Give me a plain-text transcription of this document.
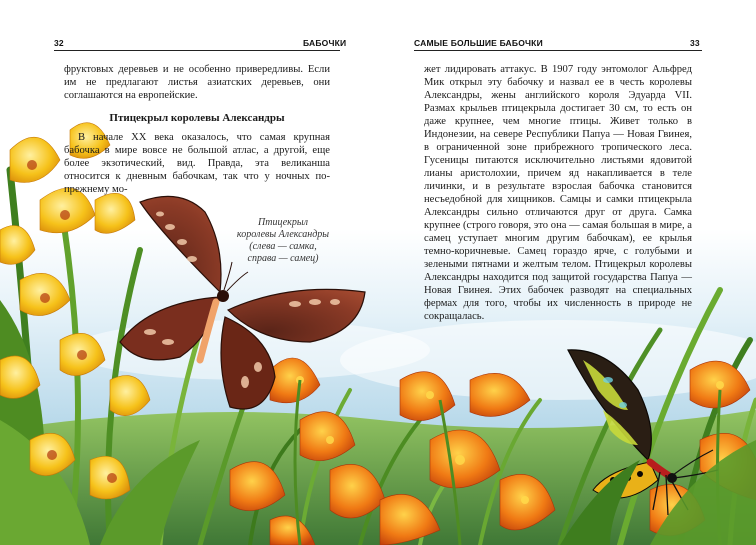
32	БАБОЧКИ	САМЫЕ БОЛЬШИЕ БАБОЧКИ	33

фруктовых деревьев и не особенно привередливы. Если им не предлагают листья азиатских деревьев, они соглашаются на европейские.

Птицекрыл королевы Александры

В начале XX века оказалось, что самая крупная бабочка в мире вовсе не большой атлас, а другой, еще более экзотический, вид. Правда, эта великанша относится к дневным бабочкам, так что у ночных по-прежнему мо-

Птицекрыл
королевы Александры
(слева — самка,
справа — самец)

жет лидировать аттакус. В 1907 году энтомолог Альфред Мик открыл эту бабочку и назвал ее в честь королевы Александры, жены английского короля Эдуарда VII. Размах крыльев птицекрыла достигает 30 см, то есть он даже крупнее, чем многие птицы. Живет только в Индонезии, на севере Республики Папуа — Новая Гвинея, в ограниченной зоне прибрежного тропического леса. Гусеницы питаются исключительно листьями ядовитой лианы аристолохии, причем яд накапливается в теле личинки, и в результате взрослая бабочка становится несъедобной для хищников. Самцы и самки птицекрыла Александры сильно отличаются друг от друга. Самка крупнее (строго говоря, это она — самая большая в мире, а самец уступает многим другим бабочкам), ее крылья темно-коричневые. Самец гораздо ярче, с голубыми и зелеными пятнами и желтым телом. Птицекрыл королевы Александры находится под защитой государства Папуа — Новая Гвинея. Этих бабочек разводят на специальных фермах для того, чтобы их численность в природе не сокращалась.
